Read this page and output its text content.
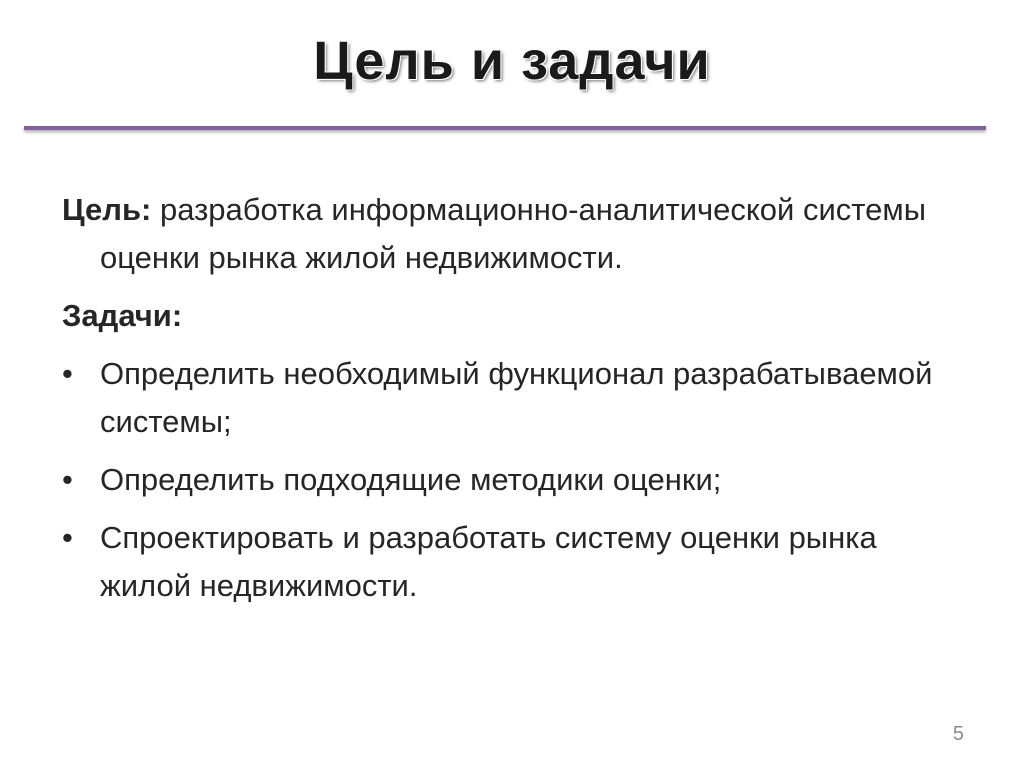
Цель и задачи

Цель: разработка информационно-аналитической системы оценки рынка жилой недвижимости.

Задачи:

• Определить необходимый функционал разрабатываемой системы;
• Определить подходящие методики оценки;
• Спроектировать и разработать систему оценки рынка жилой недвижимости.
5
